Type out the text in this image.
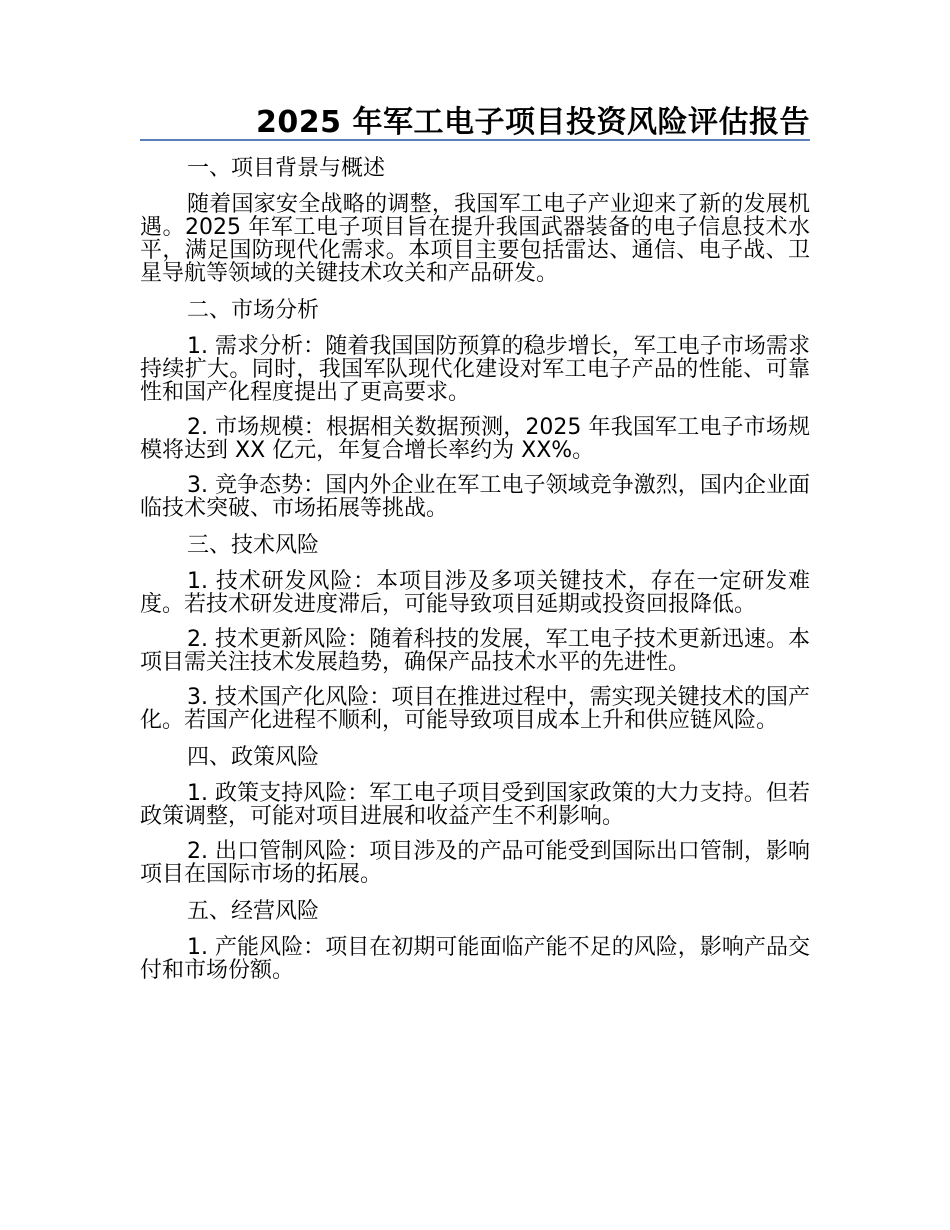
2025 年军工电子项目投资风险评估报告
一、项目背景与概述

随着国家安全战略的调整，我国军工电子产业迎来了新的发展机遇。2025 年军工电子项目旨在提升我国武器装备的电子信息技术水平，满足国防现代化需求。本项目主要包括雷达、通信、电子战、卫星导航等领域的关键技术攻关和产品研发。

二、市场分析

1. 需求分析：随着我国国防预算的稳步增长，军工电子市场需求持续扩大。同时，我国军队现代化建设对军工电子产品的性能、可靠性和国产化程度提出了更高要求。

2. 市场规模：根据相关数据预测，2025 年我国军工电子市场规模将达到 XX 亿元，年复合增长率约为 XX%。

3. 竞争态势：国内外企业在军工电子领域竞争激烈，国内企业面临技术突破、市场拓展等挑战。

三、技术风险

1. 技术研发风险：本项目涉及多项关键技术，存在一定研发难度。若技术研发进度滞后，可能导致项目延期或投资回报降低。

2. 技术更新风险：随着科技的发展，军工电子技术更新迅速。本项目需关注技术发展趋势，确保产品技术水平的先进性。

3. 技术国产化风险：项目在推进过程中，需实现关键技术的国产化。若国产化进程不顺利，可能导致项目成本上升和供应链风险。

四、政策风险

1. 政策支持风险：军工电子项目受到国家政策的大力支持。但若政策调整，可能对项目进展和收益产生不利影响。

2. 出口管制风险：项目涉及的产品可能受到国际出口管制，影响项目在国际市场的拓展。

五、经营风险

1. 产能风险：项目在初期可能面临产能不足的风险，影响产品交付和市场份额。
